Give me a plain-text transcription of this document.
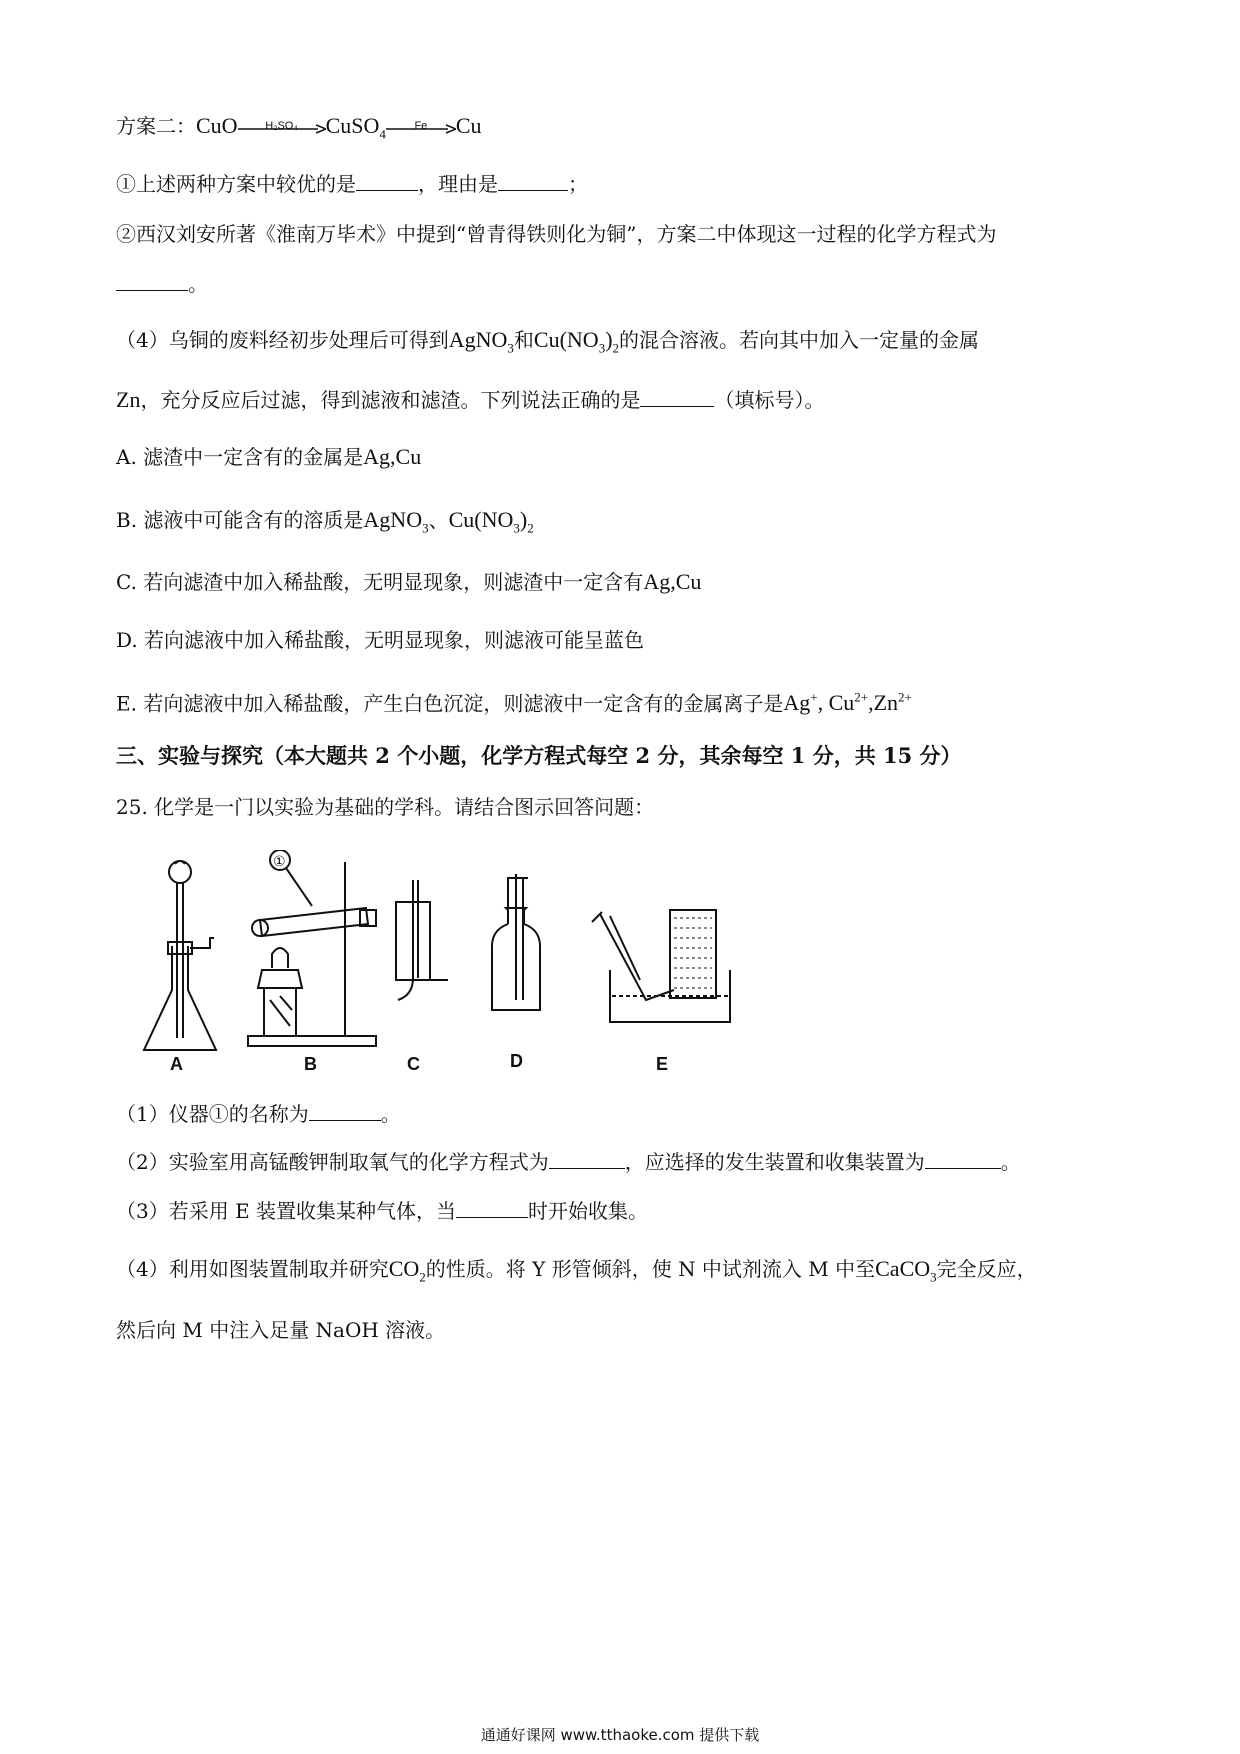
方案二：CuO	H₂SO₄	CuSO$_4$
Fe	Cu
①上述两种方案中较优的是	，理由是	；
②西汉刘安所著《淮南万毕术》中提到“曾青得铁则化为铜”，方案二中体现这一过程的化学方程式为
。
（4）乌铜的废料经初步处理后可得到AgNO$_3$和$Cu(NO_3)_2$的混合溶液。若向其中加入一定量的金属
Zn，充分反应后过滤，得到滤液和滤渣。下列说法正确的是	（填标号）。
A. 滤渣中一定含有的金属是Ag,Cu
B. 滤液中可能含有的溶质是AgNO$_3$、$Cu(NO_3)_2$
C. 若向滤渣中加入稀盐酸，无明显现象，则滤渣中一定含有Ag,Cu
D. 若向滤液中加入稀盐酸，无明显现象，则滤液可能呈蓝色
E. 若向滤液中加入稀盐酸，产生白色沉淀，则滤液中一定含有的金属离子是Ag+, $Cu^{2+},Zn^{2+}$
三、实验与探究（本大题共 2 个小题，化学方程式每空 2 分，其余每空 1 分，共 15 分）
25. 化学是一门以实验为基础的学科。请结合图示回答问题：
A	B	C	D	E
①
（1）仪器①的名称为	。
（2）实验室用高锰酸钾制取氧气的化学方程式为	，应选择的发生装置和收集装置为	。
（3）若采用 E 装置收集某种气体，当	时开始收集。
（4）利用如图装置制取并研究$CO_2$的性质。将 Y 形管倾斜，使 N 中试剂流入 M 中至CaCO$_3$完全反应，
然后向 M 中注入足量 NaOH 溶液。
通通好课网 www.tthaoke.com 提供下载
